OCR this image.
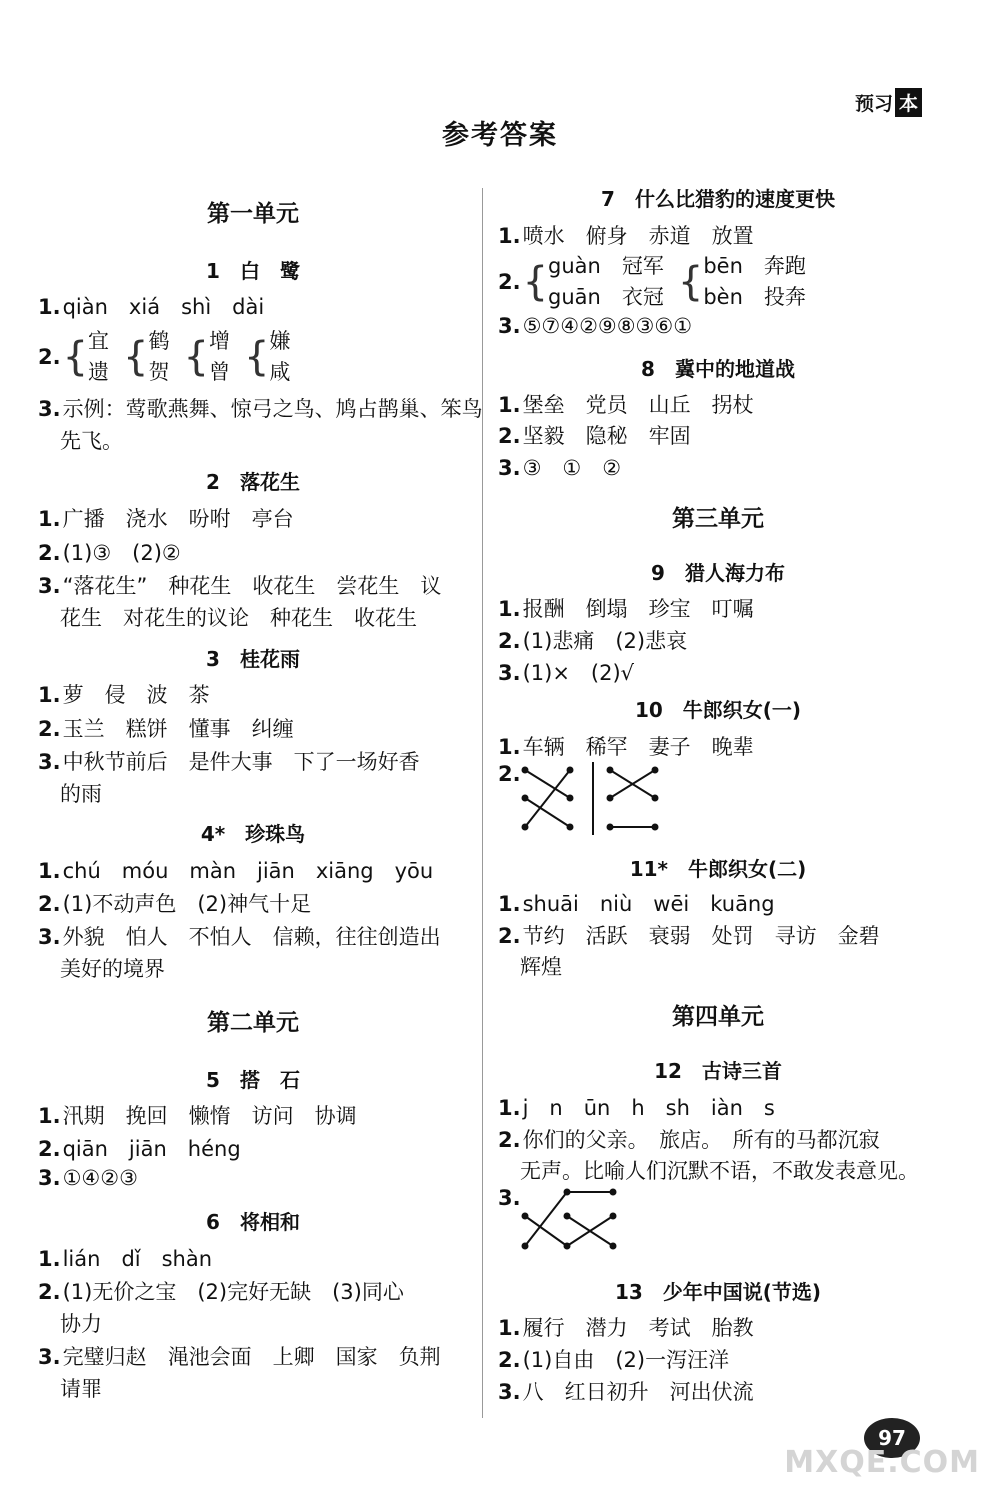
预习 本
参考答案
第一单元
1　白　鹭
1.qiàn　xiá　shì　dài
2. { 宜
遗 { 鹤
贺 { 增
曾 { 嫌
咸
3.示例：莺歌燕舞、惊弓之鸟、鸠占鹊巢、笨鸟
先飞。
2　落花生
1.广播　浇水　吩咐　亭台
2.(1)③　(2)②
3.“落花生”　种花生　收花生　尝花生　议
花生　对花生的议论　种花生　收花生
3　桂花雨
1.萝　侵　波　茶
2.玉兰　糕饼　懂事　纠缠
3.中秋节前后　是件大事　下了一场好香
的雨
4*　珍珠鸟
1.chú　móu　màn　jiān　xiāng　yōu
2.(1)不动声色　(2)神气十足
3.外貌　怕人　不怕人　信赖，往往创造出
美好的境界
第二单元
5　搭　石
1.汛期　挽回　懒惰　访问　协调
2.qiān　jiān　héng
3.①④②③
6　将相和
1.lián　dǐ　shàn
2.(1)无价之宝　(2)完好无缺　(3)同心
协力
3.完璧归赵　渑池会面　上卿　国家　负荆
请罪
7　什么比猎豹的速度更快
1.喷水　俯身　赤道　放置
2. { guàn　冠军
guān　衣冠 { bēn　奔跑
bèn　投奔
3.⑤⑦④②⑨⑧③⑥①
8　冀中的地道战
1.堡垒　党员　山丘　拐杖
2.坚毅　隐秘　牢固
3.③　①　②
第三单元
9　猎人海力布
1.报酬　倒塌　珍宝　叮嘱
2.(1)悲痛　(2)悲哀
3.(1)×　(2)√
10　牛郎织女(一)
1.车辆　稀罕　妻子　晚辈
2.
11*　牛郎织女(二)
1.shuāi　niù　wēi　kuāng
2.节约　活跃　衰弱　处罚　寻访　金碧
辉煌
第四单元
12　古诗三首
1.j　n　ūn　h　sh　iàn　s
2.你们的父亲。　旅店。　所有的马都沉寂
无声。比喻人们沉默不语，不敢发表意见。
3.
13　少年中国说(节选)
1.履行　潜力　考试　胎教
2.(1)自由　(2)一泻汪洋
3.八　红日初升　河出伏流
97
MXQE.COM
